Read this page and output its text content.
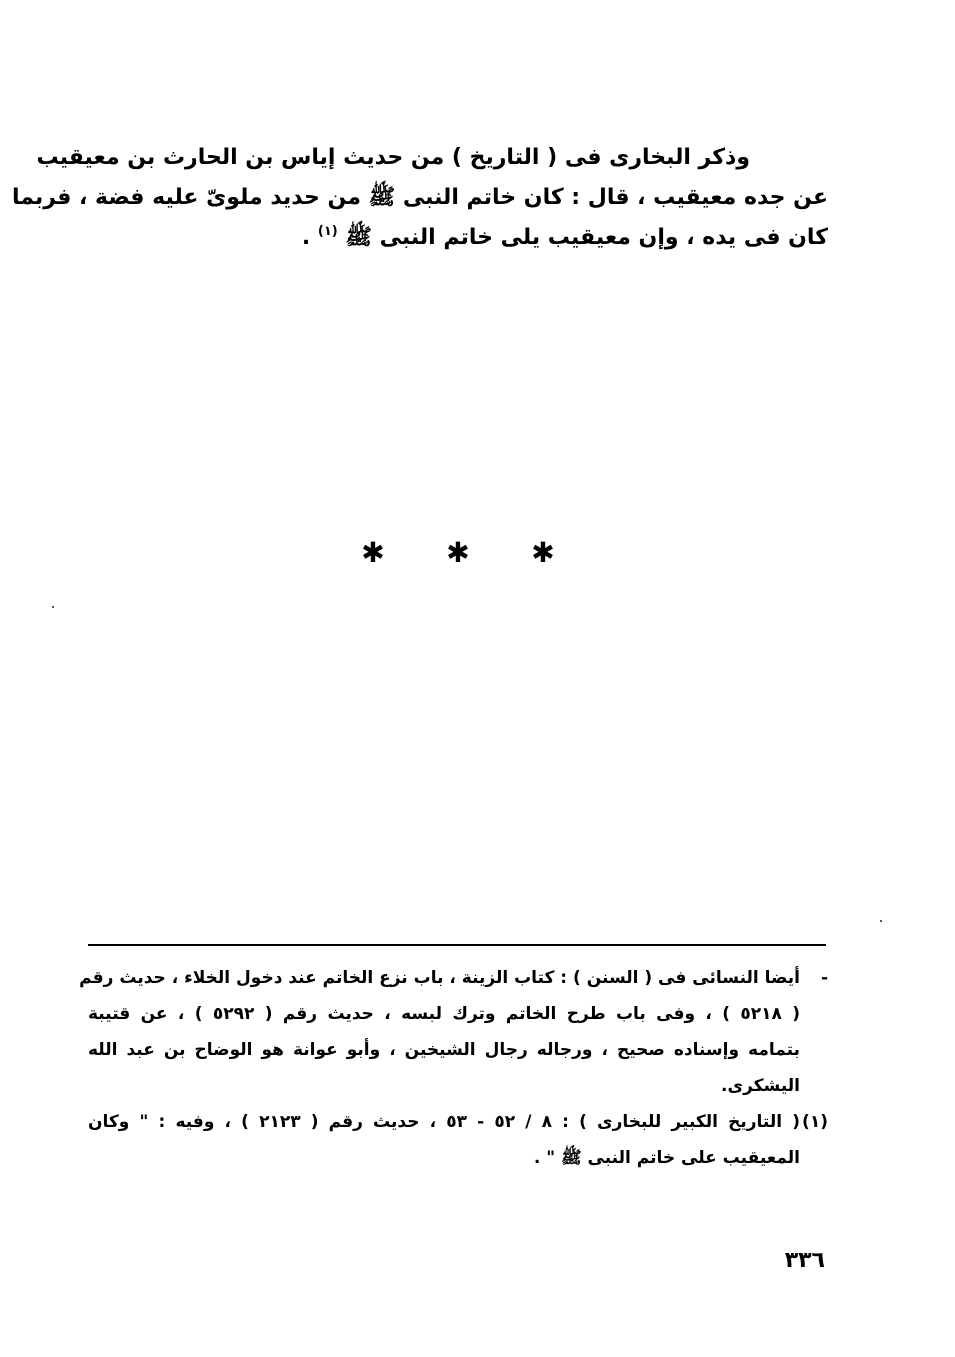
وذكر البخارى فى ( التاريخ ) من حديث إياس بن الحارث بن معيقيب
عن جده معيقيب ، قال : كان خاتم النبى ﷺ من حديد ملوىّ عليه فضة ، فربما
كان فى يده ، وإن معيقيب يلى خاتم النبى ﷺ $^{(١)}$ .
✱
✱
✱
-
أيضا النسائى فى ( السنن ) : كتاب الزينة ، باب نزع الخاتم عند دخول الخلاء ، حديث رقم
( ٥٢١٨ ) ، وفى باب طرح الخاتم وترك لبسه ، حديث رقم ( ٥٢٩٢ ) ، عن قتيبة
بتمامه وإسناده صحيح ، ورجاله رجال الشيخين ، وأبو عوانة هو الوضاح بن عبد الله
اليشكرى.
(١)
( التاريخ الكبير للبخارى ) : ٨ / ٥٢ - ٥٣ ، حديث رقم ( ٢١٢٣ ) ، وفيه : " وكان
المعيقيب على خاتم النبى ﷺ " .
٣٣٦
